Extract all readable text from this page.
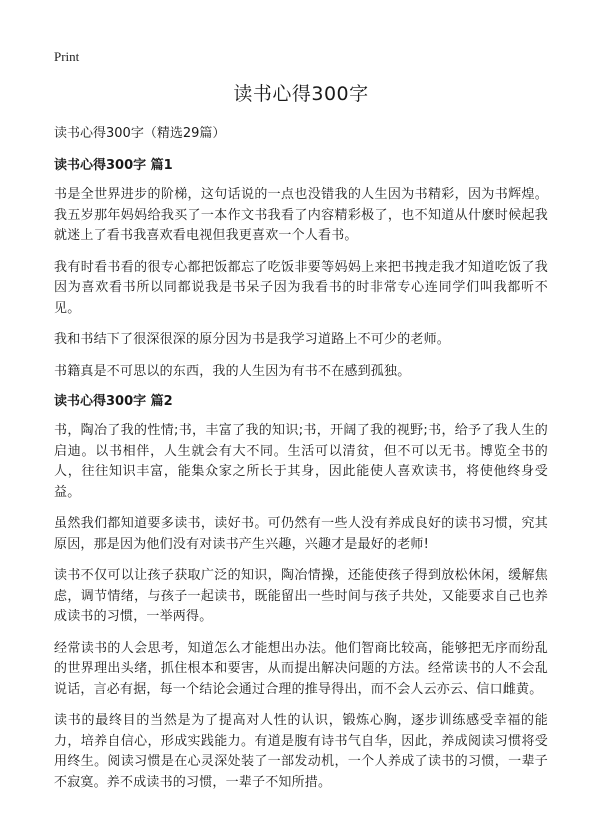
Print
读书心得300字

读书心得300字（精选29篇）

读书心得300字 篇1

书是全世界进步的阶梯，这句话说的一点也没错我的人生因为书精彩，因为书辉煌。我五岁那年妈妈给我买了一本作文书我看了内容精彩极了，也不知道从什麽时候起我就迷上了看书我喜欢看电视但我更喜欢一个人看书。

我有时看书看的很专心都把饭都忘了吃饭非要等妈妈上来把书拽走我才知道吃饭了我因为喜欢看书所以同都说我是书呆子因为我看书的时非常专心连同学们叫我都听不见。

我和书结下了很深很深的原分因为书是我学习道路上不可少的老师。

书籍真是不可思以的东西，我的人生因为有书不在感到孤独。

读书心得300字 篇2

书，陶冶了我的性情;书，丰富了我的知识;书，开阔了我的视野;书，给予了我人生的启迪。以书相伴，人生就会有大不同。生活可以清贫，但不可以无书。博览全书的人，往往知识丰富，能集众家之所长于其身，因此能使人喜欢读书，将使他终身受益。

虽然我们都知道要多读书，读好书。可仍然有一些人没有养成良好的读书习惯，究其原因，那是因为他们没有对读书产生兴趣，兴趣才是最好的老师!

读书不仅可以让孩子获取广泛的知识，陶冶情操，还能使孩子得到放松休闲，缓解焦虑，调节情绪，与孩子一起读书，既能留出一些时间与孩子共处，又能要求自己也养成读书的习惯，一举两得。

经常读书的人会思考，知道怎么才能想出办法。他们智商比较高，能够把无序而纷乱的世界理出头绪，抓住根本和要害，从而提出解决问题的方法。经常读书的人不会乱说话，言必有据，每一个结论会通过合理的推导得出，而不会人云亦云、信口雌黄。

读书的最终目的当然是为了提高对人性的认识，锻炼心胸，逐步训练感受幸福的能力，培养自信心，形成实践能力。有道是腹有诗书气自华，因此，养成阅读习惯将受用终生。阅读习惯是在心灵深处装了一部发动机，一个人养成了读书的习惯，一辈子不寂寞。养不成读书的习惯，一辈子不知所措。
